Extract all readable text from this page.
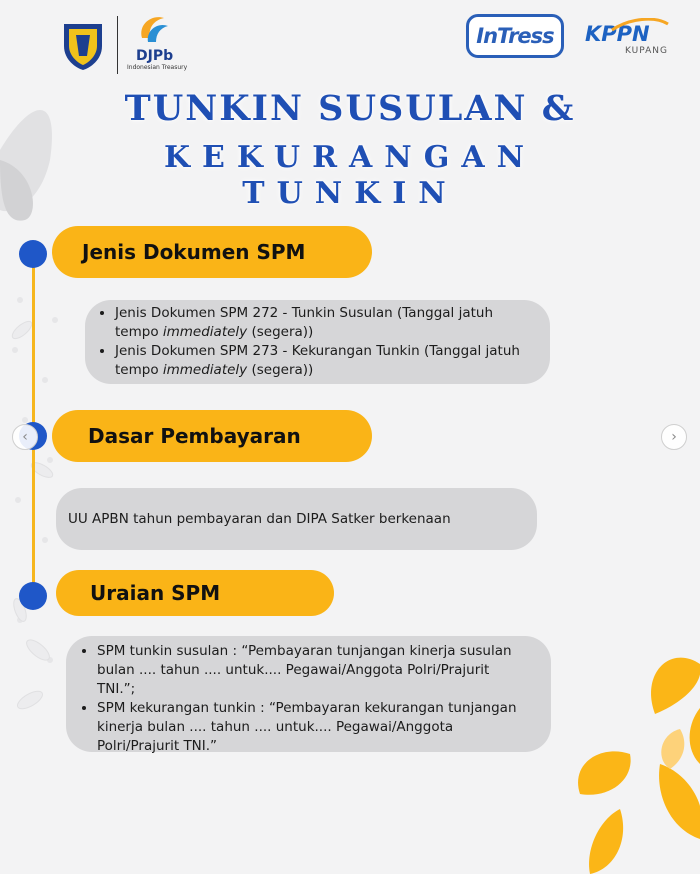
DJPb
Indonesian Treasury
InTress KPPN
KUPANG
TUNKIN SUSULAN &
KEKURANGAN
TUNKIN
Jenis Dokumen SPM
• Jenis Dokumen SPM 272 - Tunkin Susulan (Tanggal jatuh tempo immediately (segera))
• Jenis Dokumen SPM 273 - Kekurangan Tunkin (Tanggal jatuh tempo immediately (segera))
Dasar Pembayaran
UU APBN tahun pembayaran dan DIPA Satker berkenaan
Uraian SPM
• SPM tunkin susulan : “Pembayaran tunjangan kinerja susulan bulan .... tahun .... untuk.... Pegawai/Anggota Polri/Prajurit TNI.”;
• SPM kekurangan tunkin : “Pembayaran kekurangan tunjangan kinerja bulan .... tahun .... untuk.... Pegawai/Anggota Polri/Prajurit TNI.”
‹	›
